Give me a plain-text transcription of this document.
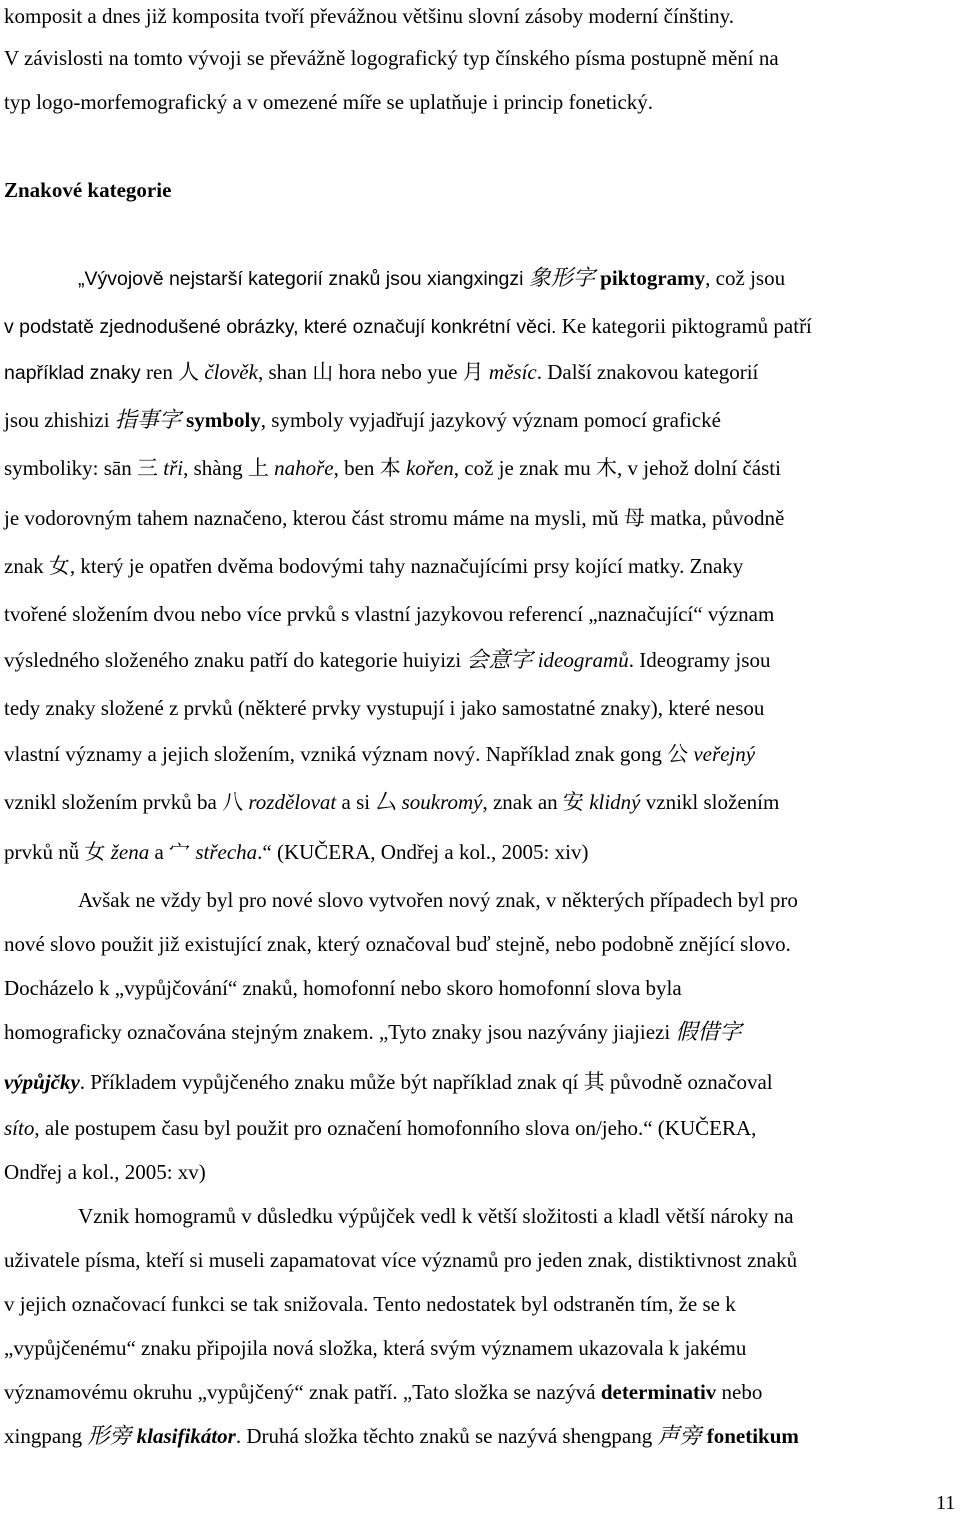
komposit a dnes již komposita tvoří převážnou většinu slovní zásoby moderní čínštiny.
V závislosti na tomto vývoji se převážně logografický typ čínského písma postupně mění na
typ logo-morfemografický a v omezené míře se uplatňuje i princip fonetický.
Znakové kategorie
„Vývojově nejstarší kategorií znaků jsou xiangxingzi 象形字 piktogramy, což jsou
v podstatě zjednodušené obrázky, které označují konkrétní věci. Ke kategorii piktogramů patří
například znaky ren 人 člověk, shan 山 hora nebo yue 月 měsíc. Další znakovou kategorií
jsou zhishizi 指事字 symboly, symboly vyjadřují jazykový význam pomocí grafické
symboliky: sān 三 tři, shàng 上 nahoře, ben 本 kořen, což je znak mu 木, v jehož dolní části
je vodorovným tahem naznačeno, kterou část stromu máme na mysli, mǔ 母 matka, původně
znak 女, který je opatřen dvěma bodovými tahy naznačujícími prsy kojící matky. Znaky
tvořené složením dvou nebo více prvků s vlastní jazykovou referencí „naznačující“ význam
výsledného složeného znaku patří do kategorie huiyizi 会意字 ideogramů. Ideogramy jsou
tedy znaky složené z prvků (některé prvky vystupují i jako samostatné znaky), které nesou
vlastní významy a jejich složením, vzniká význam nový. Například znak gong 公 veřejný
vznikl složením prvků ba 八 rozdělovat a si 厶 soukromý, znak an 安 klidný vznikl složením
prvků nǚ 女 žena a 宀 střecha.“ (KUČERA, Ondřej a kol., 2005: xiv)
Avšak ne vždy byl pro nové slovo vytvořen nový znak, v některých případech byl pro
nové slovo použit již existující znak, který označoval buď stejně, nebo podobně znějící slovo.
Docházelo k „vypůjčování“ znaků, homofonní nebo skoro homofonní slova byla
homograficky označována stejným znakem. „Tyto znaky jsou nazývány jiajiezi 假借字
výpůjčky. Příkladem vypůjčeného znaku může být například znak qí 其 původně označoval
síto, ale postupem času byl použit pro označení homofonního slova on/jeho.“ (KUČERA,
Ondřej a kol., 2005: xv)
Vznik homogramů v důsledku výpůjček vedl k větší složitosti a kladl větší nároky na
uživatele písma, kteří si museli zapamatovat více významů pro jeden znak, distiktivnost znaků
v jejich označovací funkci se tak snižovala. Tento nedostatek byl odstraněn tím, že se k
„vypůjčenému“ znaku připojila nová složka, která svým významem ukazovala k jakému
významovému okruhu „vypůjčený“ znak patří. „Tato složka se nazývá determinativ nebo
xingpang 形旁 klasifikátor. Druhá složka těchto znaků se nazývá shengpang 声旁 fonetikum
11
